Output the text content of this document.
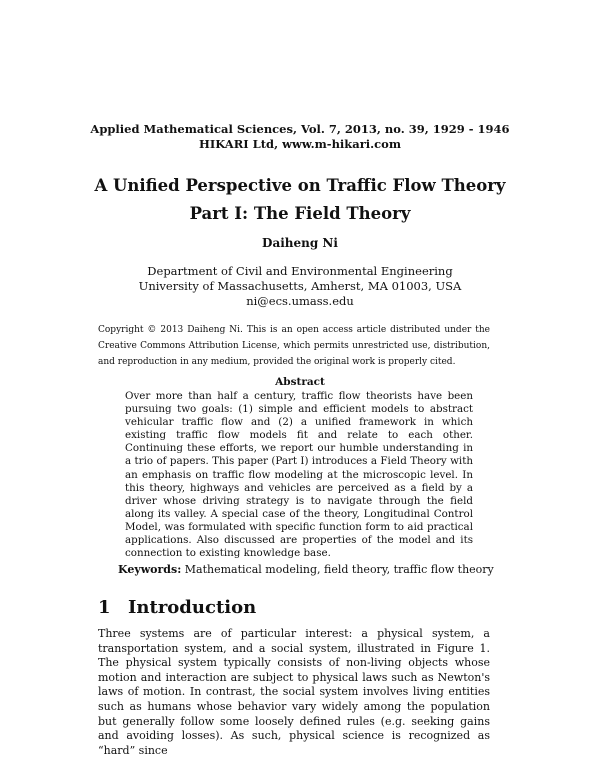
Applied Mathematical Sciences, Vol. 7, 2013, no. 39, 1929 - 1946
HIKARI Ltd, www.m-hikari.com
A Unified Perspective on Traffic Flow Theory
Part I: The Field Theory
Daiheng Ni
Department of Civil and Environmental Engineering
University of Massachusetts, Amherst, MA 01003, USA
ni@ecs.umass.edu
Copyright © 2013 Daiheng Ni. This is an open access article distributed under the Creative Commons Attribution License, which permits unrestricted use, distribution, and reproduction in any medium, provided the original work is properly cited.
Abstract
Over more than half a century, traffic flow theorists have been pursuing two goals: (1) simple and efficient models to abstract vehicular traffic flow and (2) a unified framework in which existing traffic flow models fit and relate to each other. Continuing these efforts, we report our humble understanding in a trio of papers. This paper (Part I) introduces a Field Theory with an emphasis on traffic flow modeling at the microscopic level. In this theory, highways and vehicles are perceived as a field by a driver whose driving strategy is to navigate through the field along its valley. A special case of the theory, Longitudinal Control Model, was formulated with specific function form to aid practical applications. Also discussed are properties of the model and its connection to existing knowledge base.
Keywords: Mathematical modeling, field theory, traffic flow theory
1 Introduction
Three systems are of particular interest: a physical system, a transportation system, and a social system, illustrated in Figure 1. The physical system typically consists of non-living objects whose motion and interaction are subject to physical laws such as Newton's laws of motion. In contrast, the social system involves living entities such as humans whose behavior vary widely among the population but generally follow some loosely defined rules (e.g. seeking gains and avoiding losses). As such, physical science is recognized as “hard” since
